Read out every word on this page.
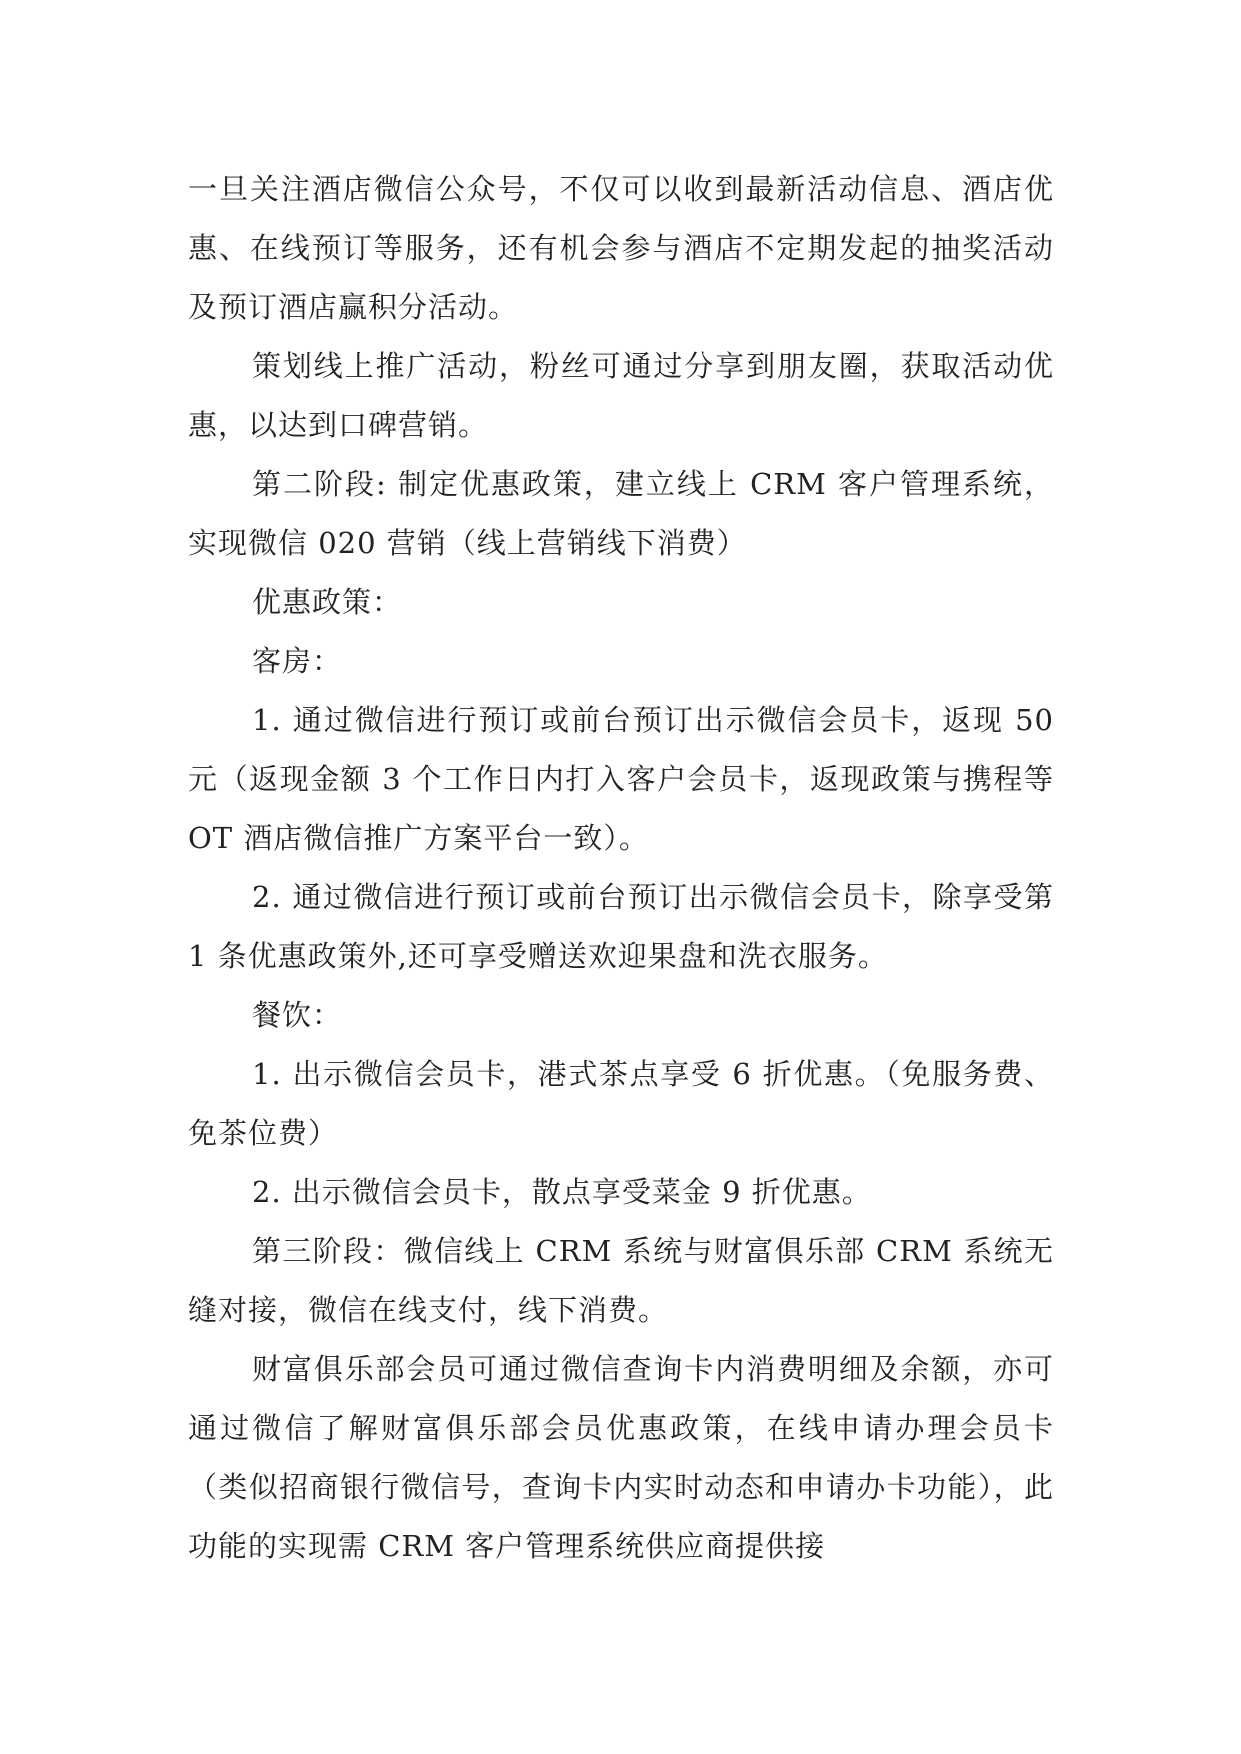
一旦关注酒店微信公众号，不仅可以收到最新活动信息、酒店优惠、在线预订等服务，还有机会参与酒店不定期发起的抽奖活动及预订酒店赢积分活动。

策划线上推广活动，粉丝可通过分享到朋友圈，获取活动优惠，以达到口碑营销。

第二阶段: 制定优惠政策，建立线上 CRM 客户管理系统，实现微信 020 营销（线上营销线下消费）

优惠政策：

客房：

1. 通过微信进行预订或前台预订出示微信会员卡，返现 50 元（返现金额 3 个工作日内打入客户会员卡，返现政策与携程等 OT 酒店微信推广方案平台一致）。

2. 通过微信进行预订或前台预订出示微信会员卡，除享受第 1 条优惠政策外,还可享受赠送欢迎果盘和洗衣服务。

餐饮：

1. 出示微信会员卡，港式茶点享受 6 折优惠。（免服务费、免茶位费）

2. 出示微信会员卡，散点享受菜金 9 折优惠。

第三阶段：微信线上 CRM 系统与财富俱乐部 CRM 系统无缝对接，微信在线支付，线下消费。

财富俱乐部会员可通过微信查询卡内消费明细及余额，亦可通过微信了解财富俱乐部会员优惠政策，在线申请办理会员卡（类似招商银行微信号，查询卡内实时动态和申请办卡功能），此功能的实现需 CRM 客户管理系统供应商提供接
